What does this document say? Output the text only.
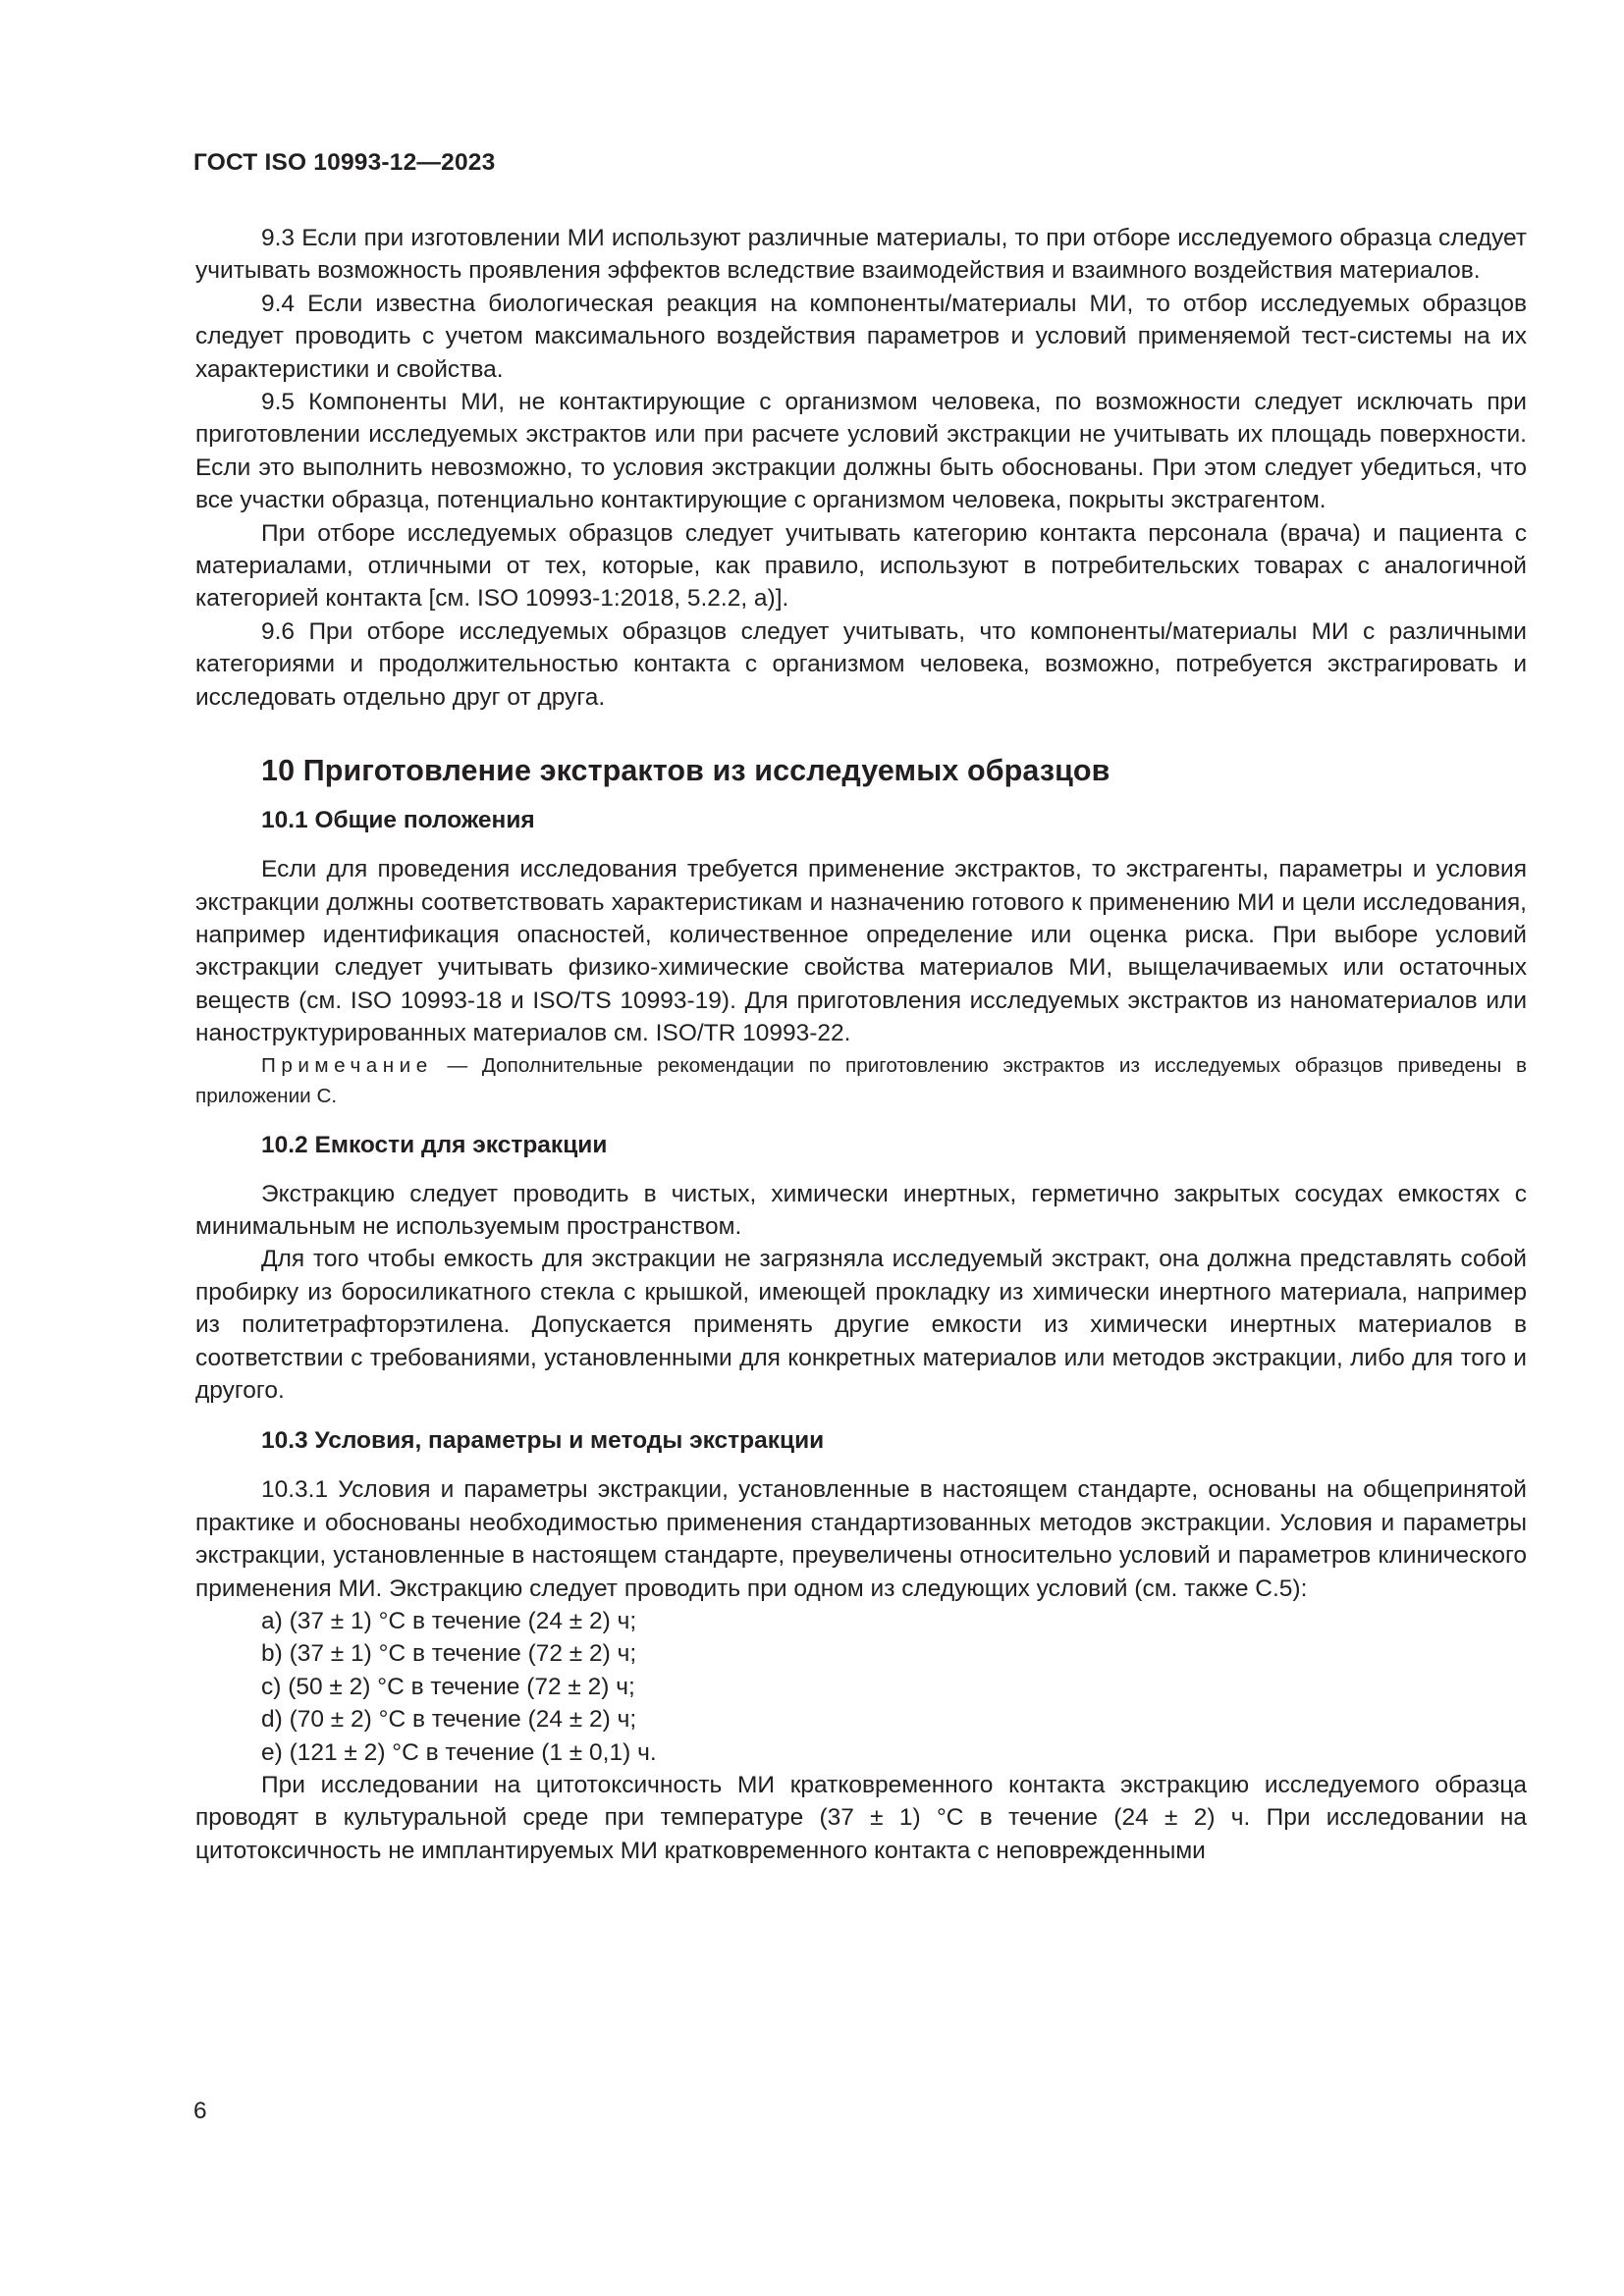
ГОСТ ISO 10993-12—2023

9.3 Если при изготовлении МИ используют различные материалы, то при отборе исследуемого образца следует учитывать возможность проявления эффектов вследствие взаимодействия и взаимного воздействия материалов.

9.4 Если известна биологическая реакция на компоненты/материалы МИ, то отбор исследуемых образцов следует проводить с учетом максимального воздействия параметров и условий применяемой тест-системы на их характеристики и свойства.

9.5 Компоненты МИ, не контактирующие с организмом человека, по возможности следует исключать при приготовлении исследуемых экстрактов или при расчете условий экстракции не учитывать их площадь поверхности. Если это выполнить невозможно, то условия экстракции должны быть обоснованы. При этом следует убедиться, что все участки образца, потенциально контактирующие с организмом человека, покрыты экстрагентом.

При отборе исследуемых образцов следует учитывать категорию контакта персонала (врача) и пациента с материалами, отличными от тех, которые, как правило, используют в потребительских товарах с аналогичной категорией контакта [см. ISO 10993-1:2018, 5.2.2, а)].

9.6 При отборе исследуемых образцов следует учитывать, что компоненты/материалы МИ с различными категориями и продолжительностью контакта с организмом человека, возможно, потребуется экстрагировать и исследовать отдельно друг от друга.

10 Приготовление экстрактов из исследуемых образцов
10.1 Общие положения

Если для проведения исследования требуется применение экстрактов, то экстрагенты, параметры и условия экстракции должны соответствовать характеристикам и назначению готового к применению МИ и цели исследования, например идентификация опасностей, количественное определение или оценка риска. При выборе условий экстракции следует учитывать физико-химические свойства материалов МИ, выщелачиваемых или остаточных веществ (см. ISO 10993-18 и ISO/TS 10993-19). Для приготовления исследуемых экстрактов из наноматериалов или наноструктурированных материалов см. ISO/TR 10993-22.

Примечание — Дополнительные рекомендации по приготовлению экстрактов из исследуемых образцов приведены в приложении С.

10.2 Емкости для экстракции

Экстракцию следует проводить в чистых, химически инертных, герметично закрытых сосудах емкостях с минимальным не используемым пространством.

Для того чтобы емкость для экстракции не загрязняла исследуемый экстракт, она должна представлять собой пробирку из боросиликатного стекла с крышкой, имеющей прокладку из химически инертного материала, например из политетрафторэтилена. Допускается применять другие емкости из химически инертных материалов в соответствии с требованиями, установленными для конкретных материалов или методов экстракции, либо для того и другого.

10.3 Условия, параметры и методы экстракции

10.3.1 Условия и параметры экстракции, установленные в настоящем стандарте, основаны на общепринятой практике и обоснованы необходимостью применения стандартизованных методов экстракции. Условия и параметры экстракции, установленные в настоящем стандарте, преувеличены относительно условий и параметров клинического применения МИ. Экстракцию следует проводить при одном из следующих условий (см. также С.5):

a) (37 ± 1) °С в течение (24 ± 2) ч;

b) (37 ± 1) °С в течение (72 ± 2) ч;

c) (50 ± 2) °С в течение (72 ± 2) ч;

d) (70 ± 2) °С в течение (24 ± 2) ч;

e) (121 ± 2) °С в течение (1 ± 0,1) ч.

При исследовании на цитотоксичность МИ кратковременного контакта экстракцию исследуемого образца проводят в культуральной среде при температуре (37 ± 1) °С в течение (24 ± 2) ч. При исследовании на цитотоксичность не имплантируемых МИ кратковременного контакта с неповрежденными

6
